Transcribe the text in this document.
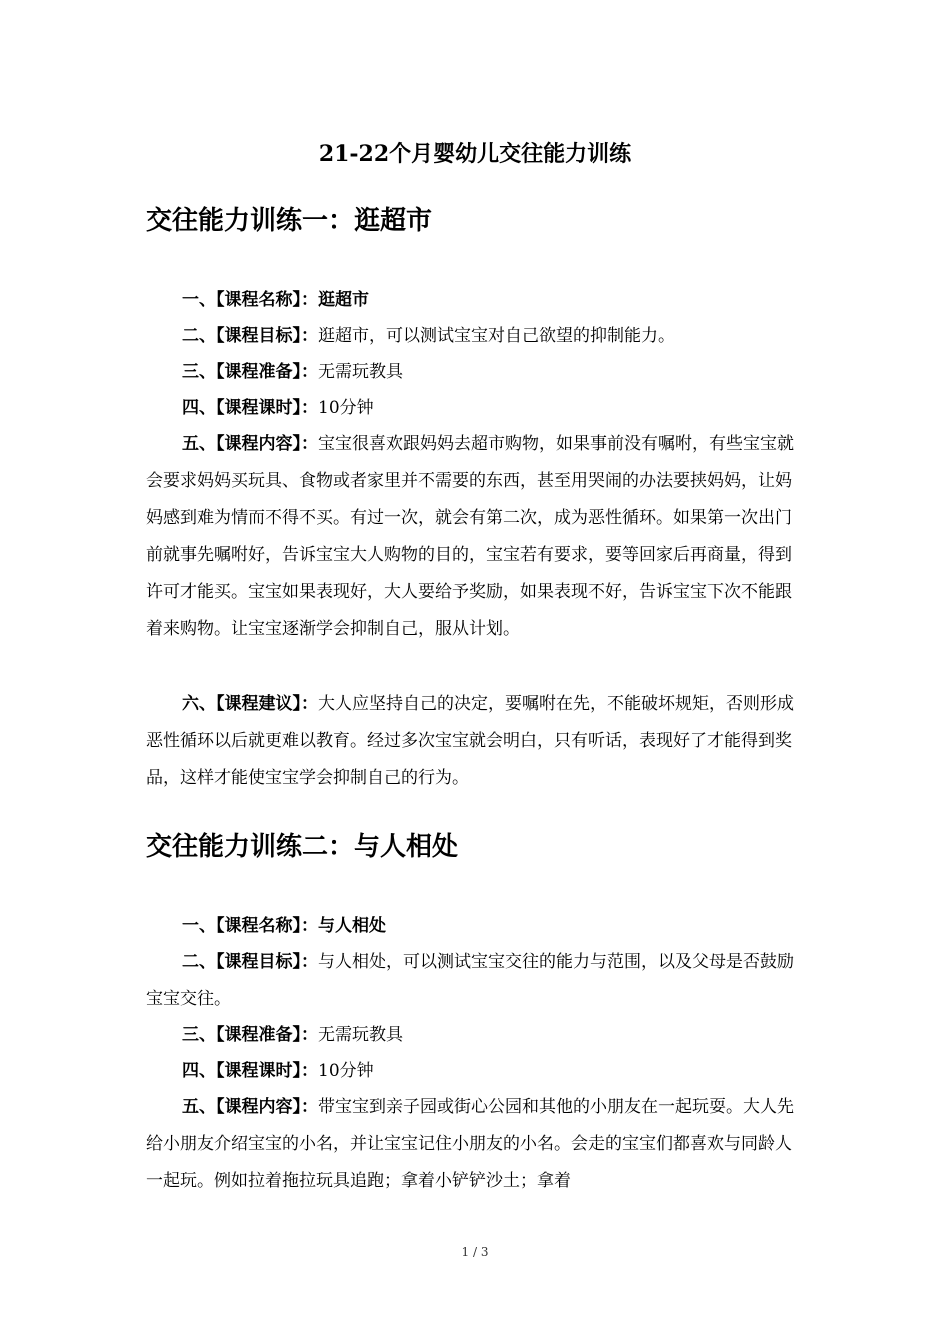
21-22个月婴幼儿交往能力训练
交往能力训练一：逛超市
一、【课程名称】：逛超市
二、【课程目标】：逛超市，可以测试宝宝对自己欲望的抑制能力。
三、【课程准备】：无需玩教具
四、【课程课时】：10分钟
五、【课程内容】：宝宝很喜欢跟妈妈去超市购物，如果事前没有嘱咐，有些宝宝就会要求妈妈买玩具、食物或者家里并不需要的东西，甚至用哭闹的办法要挟妈妈，让妈妈感到难为情而不得不买。有过一次，就会有第二次，成为恶性循环。如果第一次出门前就事先嘱咐好，告诉宝宝大人购物的目的，宝宝若有要求，要等回家后再商量，得到许可才能买。宝宝如果表现好，大人要给予奖励，如果表现不好，告诉宝宝下次不能跟着来购物。让宝宝逐渐学会抑制自己，服从计划。
六、【课程建议】：大人应坚持自己的决定，要嘱咐在先，不能破坏规矩，否则形成恶性循环以后就更难以教育。经过多次宝宝就会明白，只有听话，表现好了才能得到奖品，这样才能使宝宝学会抑制自己的行为。
交往能力训练二：与人相处
一、【课程名称】：与人相处
二、【课程目标】：与人相处，可以测试宝宝交往的能力与范围，以及父母是否鼓励宝宝交往。
三、【课程准备】：无需玩教具
四、【课程课时】：10分钟
五、【课程内容】：带宝宝到亲子园或街心公园和其他的小朋友在一起玩耍。大人先给小朋友介绍宝宝的小名，并让宝宝记住小朋友的小名。会走的宝宝们都喜欢与同龄人一起玩。例如拉着拖拉玩具追跑；拿着小铲铲沙土；拿着
1 / 3
